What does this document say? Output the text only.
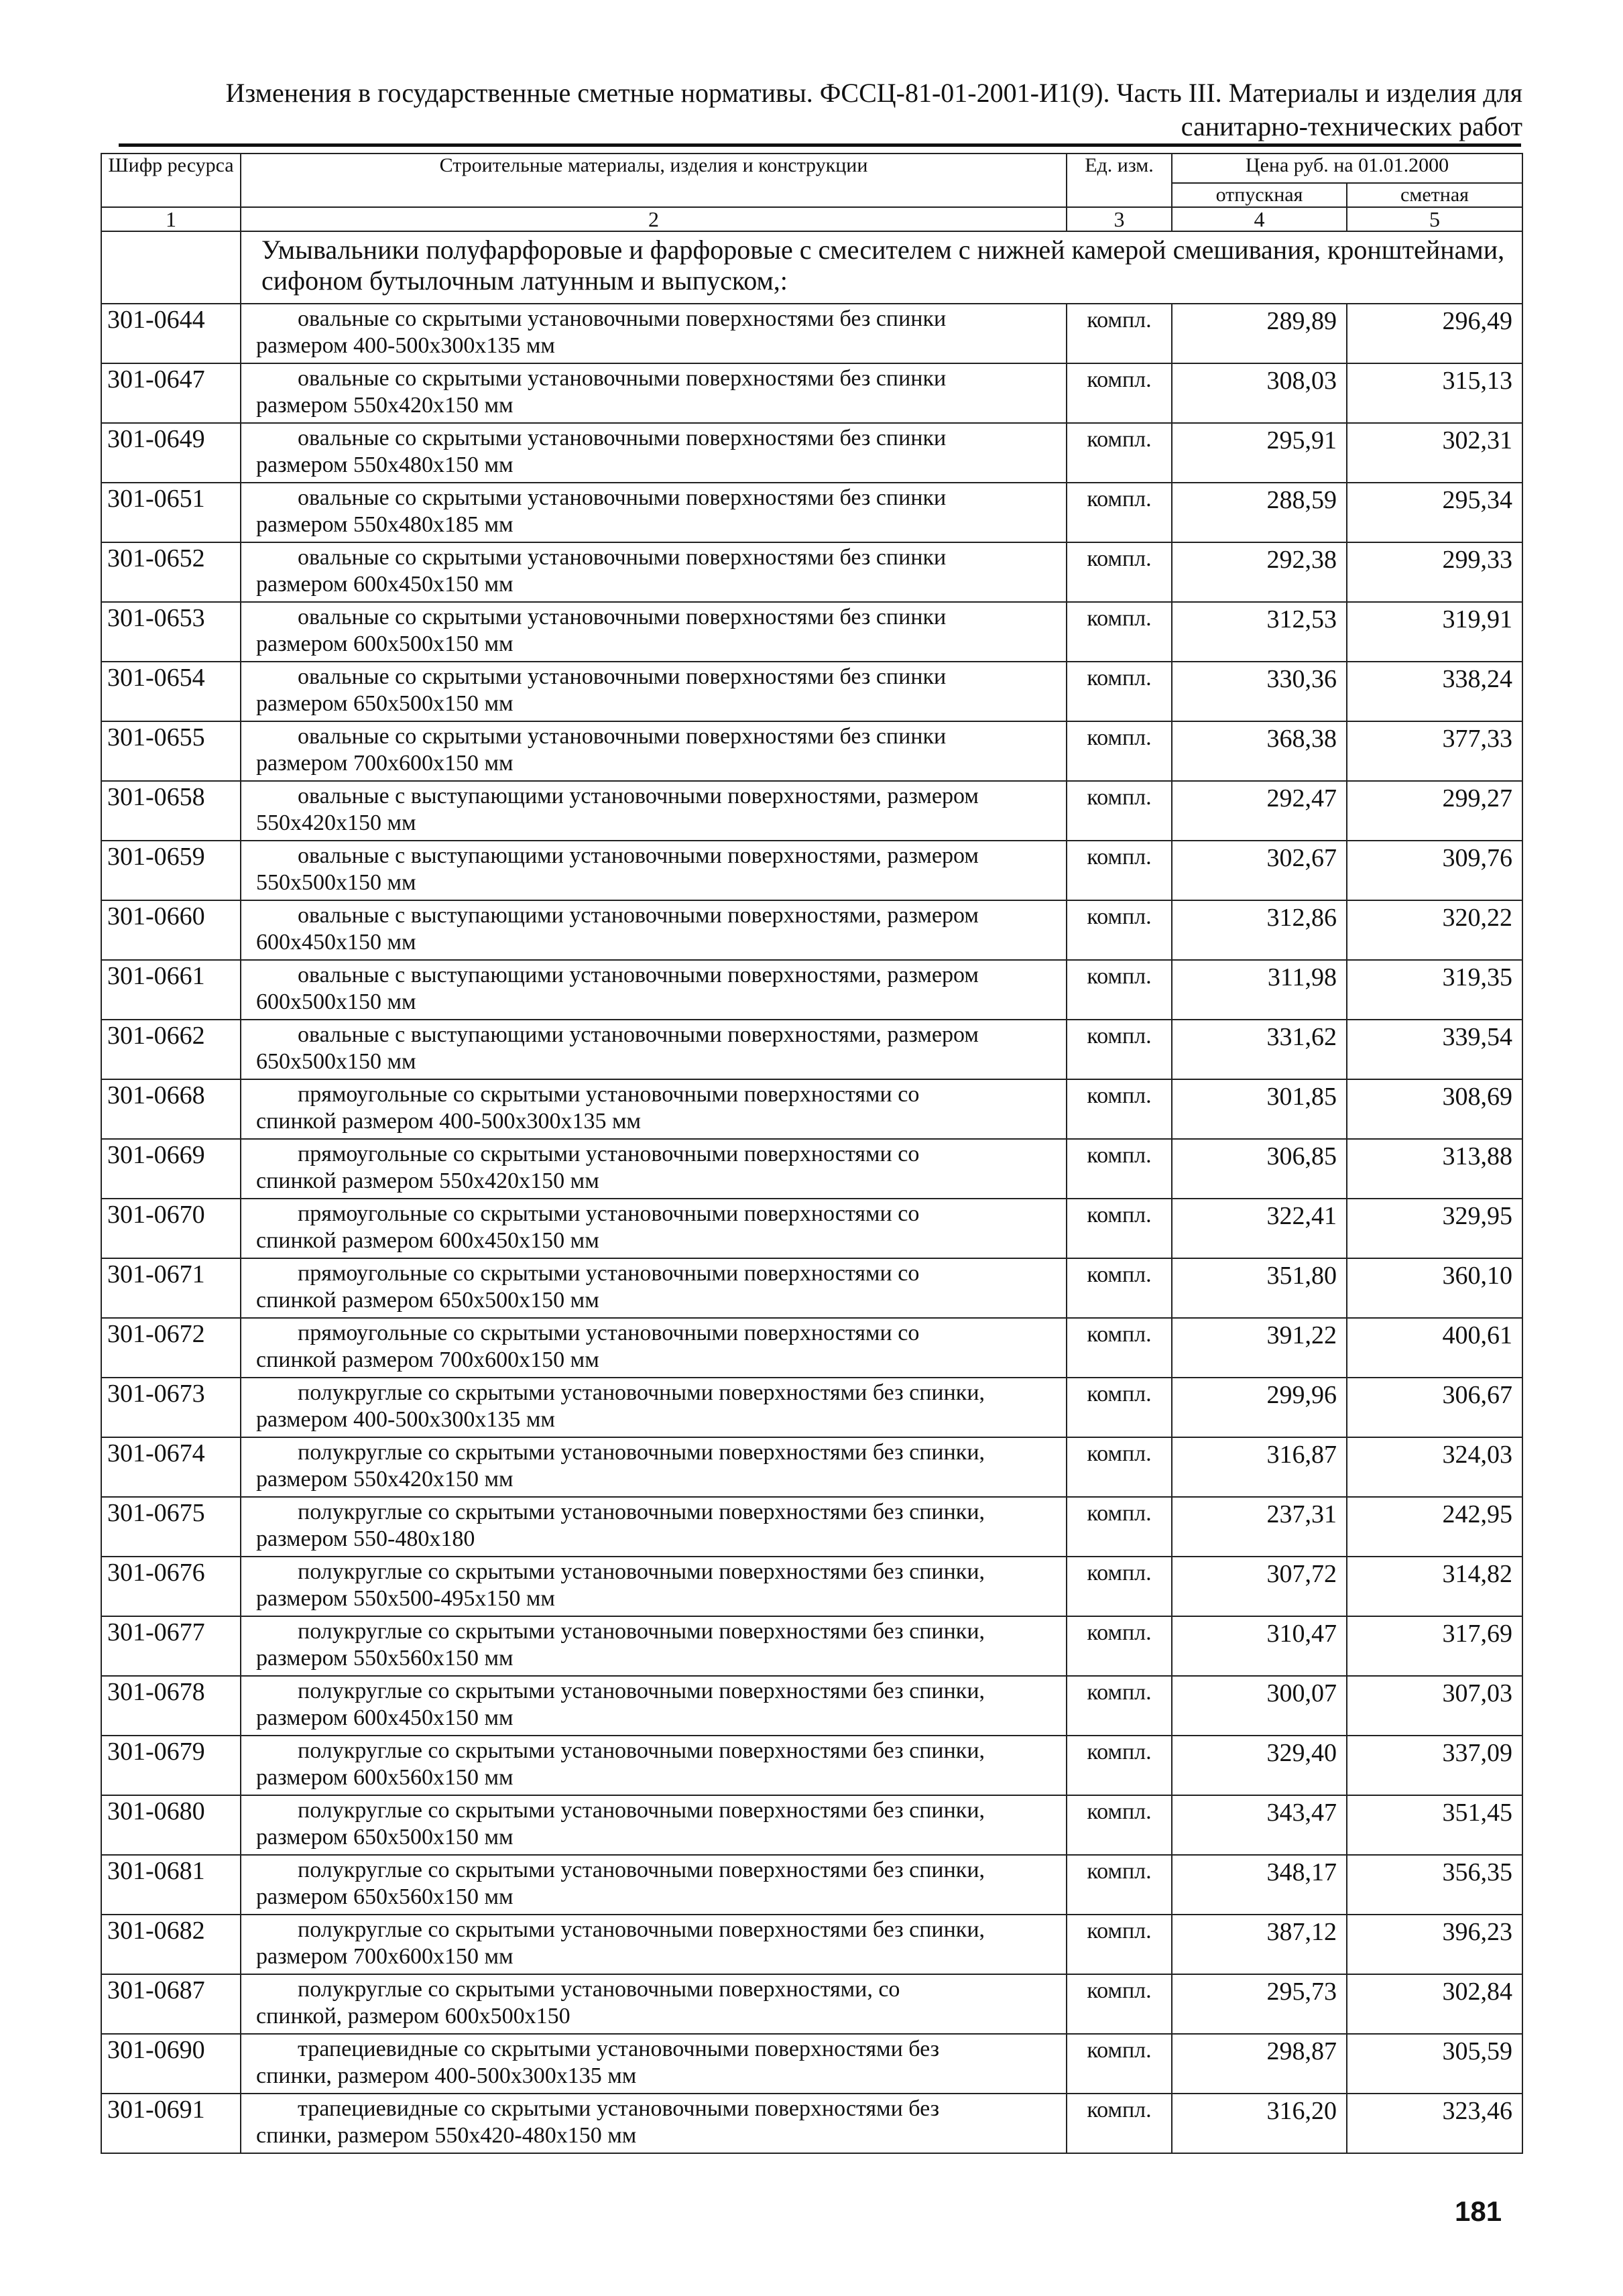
Изменения в государственные сметные нормативы. ФССЦ-81-01-2001-И1(9). Часть III. Материалы и изделия для
санитарно-технических работ
Шифр ресурса	Строительные материалы, изделия и конструкции	Ед. изм.	Цена руб. на 01.01.2000	
			отпускная	сметная
1	2	3	4	5
	Умывальники полуфарфоровые и фарфоровые с смесителем с нижней камерой смешивания, кронштейнами, сифоном бутылочным латунным и выпуском,:			
301-0644	овальные со скрытыми установочными поверхностями без спинки
размером 400-500x300x135 мм	компл.	289,89	296,49
301-0647	овальные со скрытыми установочными поверхностями без спинки
размером 550x420x150 мм	компл.	308,03	315,13
301-0649	овальные со скрытыми установочными поверхностями без спинки
размером 550x480x150 мм	компл.	295,91	302,31
301-0651	овальные со скрытыми установочными поверхностями без спинки
размером 550x480x185 мм	компл.	288,59	295,34
301-0652	овальные со скрытыми установочными поверхностями без спинки
размером 600x450x150 мм	компл.	292,38	299,33
301-0653	овальные со скрытыми установочными поверхностями без спинки
размером 600x500x150 мм	компл.	312,53	319,91
301-0654	овальные со скрытыми установочными поверхностями без спинки
размером 650x500x150 мм	компл.	330,36	338,24
301-0655	овальные со скрытыми установочными поверхностями без спинки
размером 700x600x150 мм	компл.	368,38	377,33
301-0658	овальные с выступающими установочными поверхностями, размером
550x420x150 мм	компл.	292,47	299,27
301-0659	овальные с выступающими установочными поверхностями, размером
550x500x150 мм	компл.	302,67	309,76
301-0660	овальные с выступающими установочными поверхностями, размером
600x450x150 мм	компл.	312,86	320,22
301-0661	овальные с выступающими установочными поверхностями, размером
600x500x150 мм	компл.	311,98	319,35
301-0662	овальные с выступающими установочными поверхностями, размером
650x500x150 мм	компл.	331,62	339,54
301-0668	прямоугольные со скрытыми установочными поверхностями со
спинкой размером 400-500x300x135 мм	компл.	301,85	308,69
301-0669	прямоугольные со скрытыми установочными поверхностями со
спинкой размером 550x420x150 мм	компл.	306,85	313,88
301-0670	прямоугольные со скрытыми установочными поверхностями со
спинкой размером 600x450x150 мм	компл.	322,41	329,95
301-0671	прямоугольные со скрытыми установочными поверхностями со
спинкой размером 650x500x150 мм	компл.	351,80	360,10
301-0672	прямоугольные со скрытыми установочными поверхностями со
спинкой размером 700x600x150 мм	компл.	391,22	400,61
301-0673	полукруглые со скрытыми установочными поверхностями без спинки,
размером 400-500x300x135 мм	компл.	299,96	306,67
301-0674	полукруглые со скрытыми установочными поверхностями без спинки,
размером 550x420x150 мм	компл.	316,87	324,03
301-0675	полукруглые со скрытыми установочными поверхностями без спинки,
размером 550-480x180	компл.	237,31	242,95
301-0676	полукруглые со скрытыми установочными поверхностями без спинки,
размером 550x500-495x150 мм	компл.	307,72	314,82
301-0677	полукруглые со скрытыми установочными поверхностями без спинки,
размером 550x560x150 мм	компл.	310,47	317,69
301-0678	полукруглые со скрытыми установочными поверхностями без спинки,
размером 600x450x150 мм	компл.	300,07	307,03
301-0679	полукруглые со скрытыми установочными поверхностями без спинки,
размером 600x560x150 мм	компл.	329,40	337,09
301-0680	полукруглые со скрытыми установочными поверхностями без спинки,
размером 650x500x150 мм	компл.	343,47	351,45
301-0681	полукруглые со скрытыми установочными поверхностями без спинки,
размером 650x560x150 мм	компл.	348,17	356,35
301-0682	полукруглые со скрытыми установочными поверхностями без спинки,
размером 700x600x150 мм	компл.	387,12	396,23
301-0687	полукруглые со скрытыми установочными поверхностями, со
спинкой, размером 600x500x150	компл.	295,73	302,84
301-0690	трапециевидные со скрытыми установочными поверхностями без
спинки, размером 400-500x300x135 мм	компл.	298,87	305,59
301-0691	трапециевидные со скрытыми установочными поверхностями без
спинки, размером 550x420-480x150 мм	компл.	316,20	323,46
181
